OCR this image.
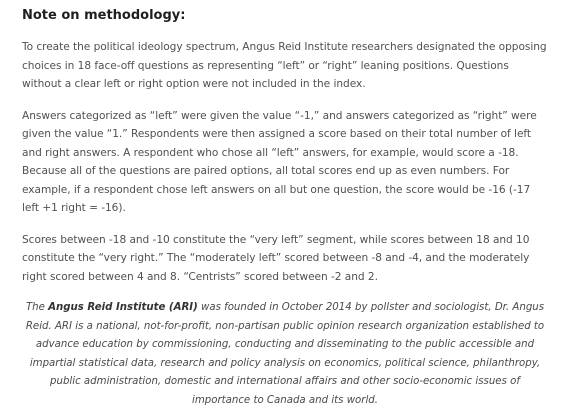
Note on methodology:

To create the political ideology spectrum, Angus Reid Institute researchers designated the opposing choices in 18 face-off questions as representing “left” or “right” leaning positions. Questions without a clear left or right option were not included in the index.

Answers categorized as “left” were given the value “-1,” and answers categorized as “right” were given the value “1.” Respondents were then assigned a score based on their total number of left and right answers. A respondent who chose all “left” answers, for example, would score a -18. Because all of the questions are paired options, all total scores end up as even numbers. For example, if a respondent chose left answers on all but one question, the score would be -16 (-17 left +1 right = -16).

Scores between -18 and -10 constitute the “very left” segment, while scores between 18 and 10 constitute the “very right.” The “moderately left” scored between -8 and -4, and the moderately right scored between 4 and 8. “Centrists” scored between -2 and 2.

The Angus Reid Institute (ARI) was founded in October 2014 by pollster and sociologist, Dr. Angus Reid. ARI is a national, not-for-profit, non-partisan public opinion research organization established to advance education by commissioning, conducting and disseminating to the public accessible and impartial statistical data, research and policy analysis on economics, political science, philanthropy, public administration, domestic and international affairs and other socio-economic issues of importance to Canada and its world.
